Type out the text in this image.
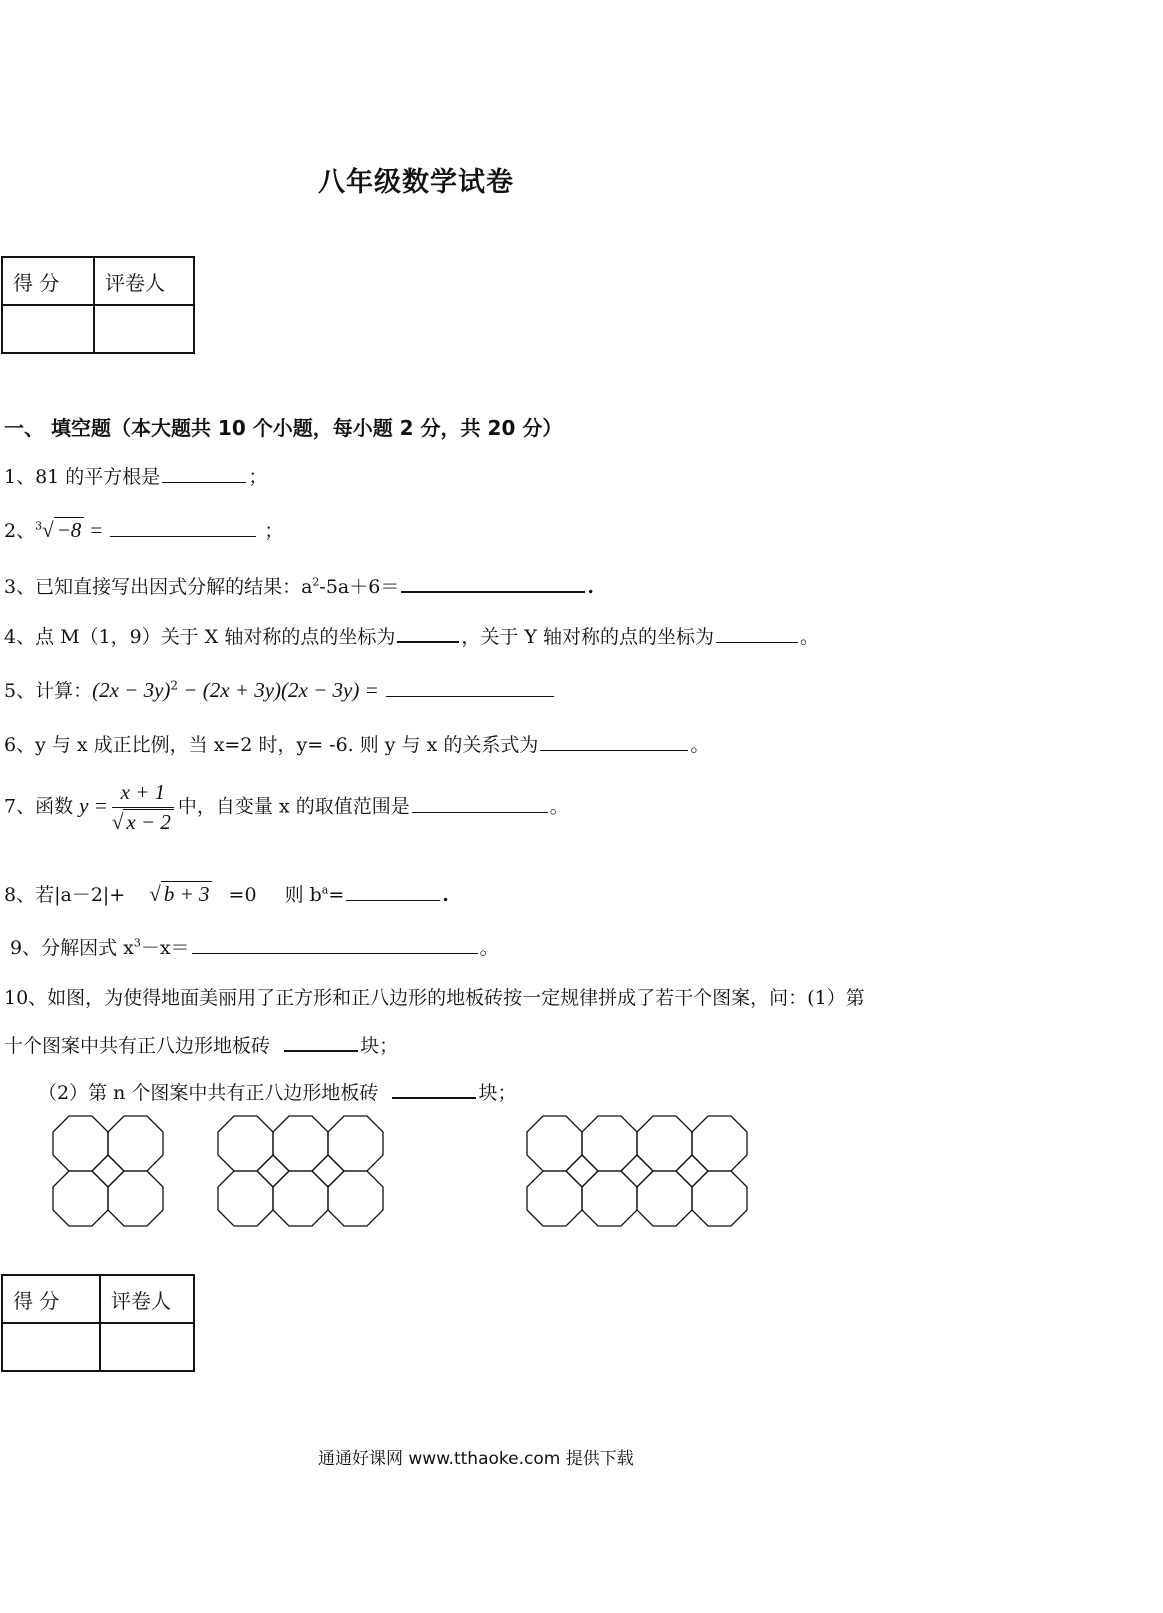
八年级数学试卷
得 分	评卷人

一、 填空题（本大题共 10 个小题，每小题 2 分，共 20 分）
1、81 的平方根是	；
2、$^3$√ −8 =	；
3、已知直接写出因式分解的结果：$a^2-5a+6=$	.
4、点 M（1，9）关于 X 轴对称的点的坐标为	，关于 Y 轴对称的点的坐标为	。
5、计算：$(2x - 3y)^2 - (2x + 3y)(2x - 3y)$ =
6、y 与 x 成正比例，当 x=2 时，y= -6. 则 y 与 x 的关系式为	。
7、函数 $y = \frac{x + 1}{√ x - 2}$ 中，自变量 x 的取值范围是	。
8、若|a－2|+ √ b + 3 =0 则 $b^a=$	.
9、分解因式 $x^3-x=$	。
10、如图，为使得地面美丽用了正方形和正八边形的地板砖按一定规律拼成了若干个图案，问：(1）第
十个图案中共有正八边形地板砖	块；
（2）第 n 个图案中共有正八边形地板砖	块；
得 分	评卷人

通通好课网 www.tthaoke.com 提供下载
